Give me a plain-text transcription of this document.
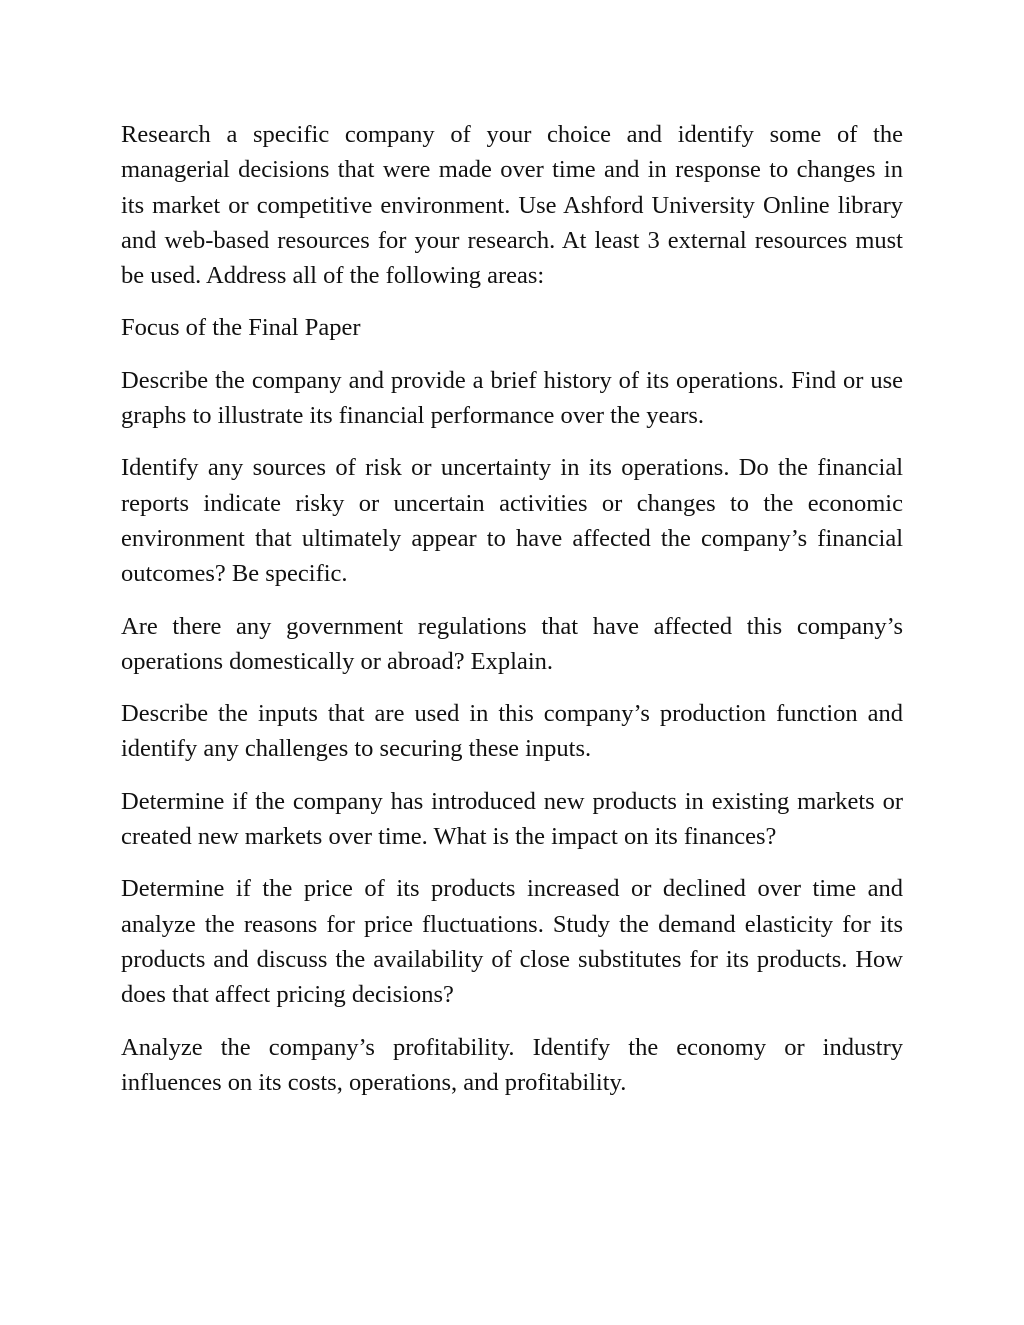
Research a specific company of your choice and identify some of the managerial decisions that were made over time and in response to changes in its market or competitive environment. Use Ashford University Online library and web-based resources for your research. At least 3 external resources must be used. Address all of the following areas:

Focus of the Final Paper

Describe the company and provide a brief history of its operations. Find or use graphs to illustrate its financial performance over the years.

Identify any sources of risk or uncertainty in its operations. Do the financial reports indicate risky or uncertain activities or changes to the economic environment that ultimately appear to have affected the company’s financial outcomes? Be specific.

Are there any government regulations that have affected this company’s operations domestically or abroad? Explain.

Describe the inputs that are used in this company’s production function and identify any challenges to securing these inputs.

Determine if the company has introduced new products in existing markets or created new markets over time. What is the impact on its finances?

Determine if the price of its products increased or declined over time and analyze the reasons for price fluctuations. Study the demand elasticity for its products and discuss the availability of close substitutes for its products. How does that affect pricing decisions?

Analyze the company’s profitability. Identify the economy or industry influences on its costs, operations, and profitability.
